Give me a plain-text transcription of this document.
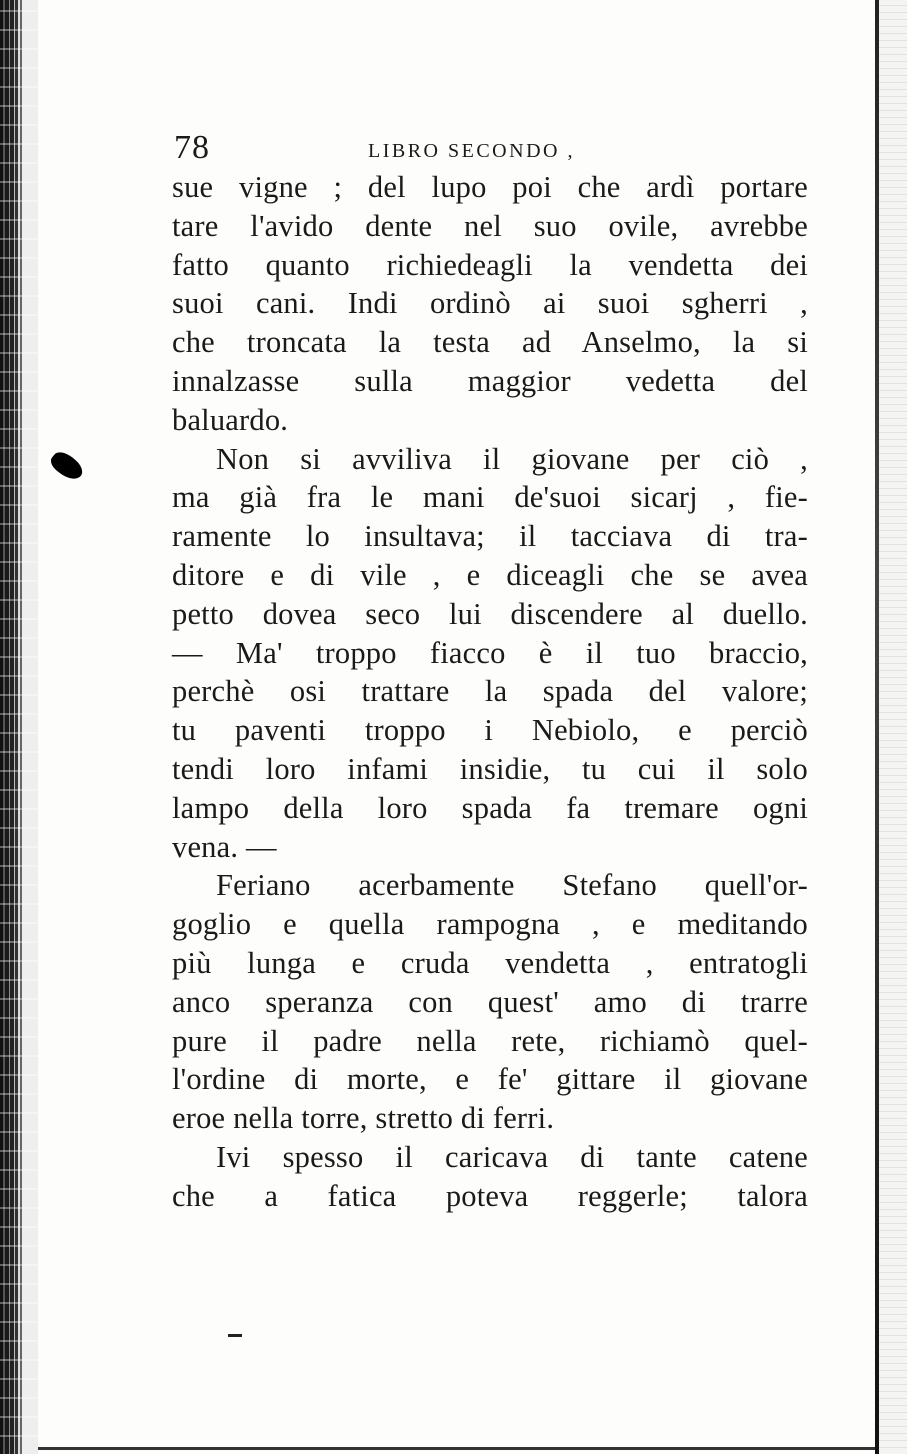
78	LIBRO SECONDO ,
sue vigne ; del lupo poi che ardì portare
tare l'avido dente nel suo ovile, avrebbe
fatto quanto richiedeagli la vendetta dei
suoi cani. Indi ordinò ai suoi sgherri ,
che troncata la testa ad Anselmo, la si
innalzasse sulla maggior vedetta del
baluardo.
Non si avviliva il giovane per ciò ,
ma già fra le mani de'suoi sicarj , fie-
ramente lo insultava; il tacciava di tra-
ditore e di vile , e diceagli che se avea
petto dovea seco lui discendere al duello.
— Ma' troppo fiacco è il tuo braccio,
perchè osi trattare la spada del valore;
tu paventi troppo i Nebiolo, e perciò
tendi loro infami insidie, tu cui il solo
lampo della loro spada fa tremare ogni
vena. —
Feriano acerbamente Stefano quell'or-
goglio e quella rampogna , e meditando
più lunga e cruda vendetta , entratogli
anco speranza con quest' amo di trarre
pure il padre nella rete, richiamò quel-
l'ordine di morte, e fe' gittare il giovane
eroe nella torre, stretto di ferri.
Ivi spesso il caricava di tante catene
che a fatica poteva reggerle; talora
